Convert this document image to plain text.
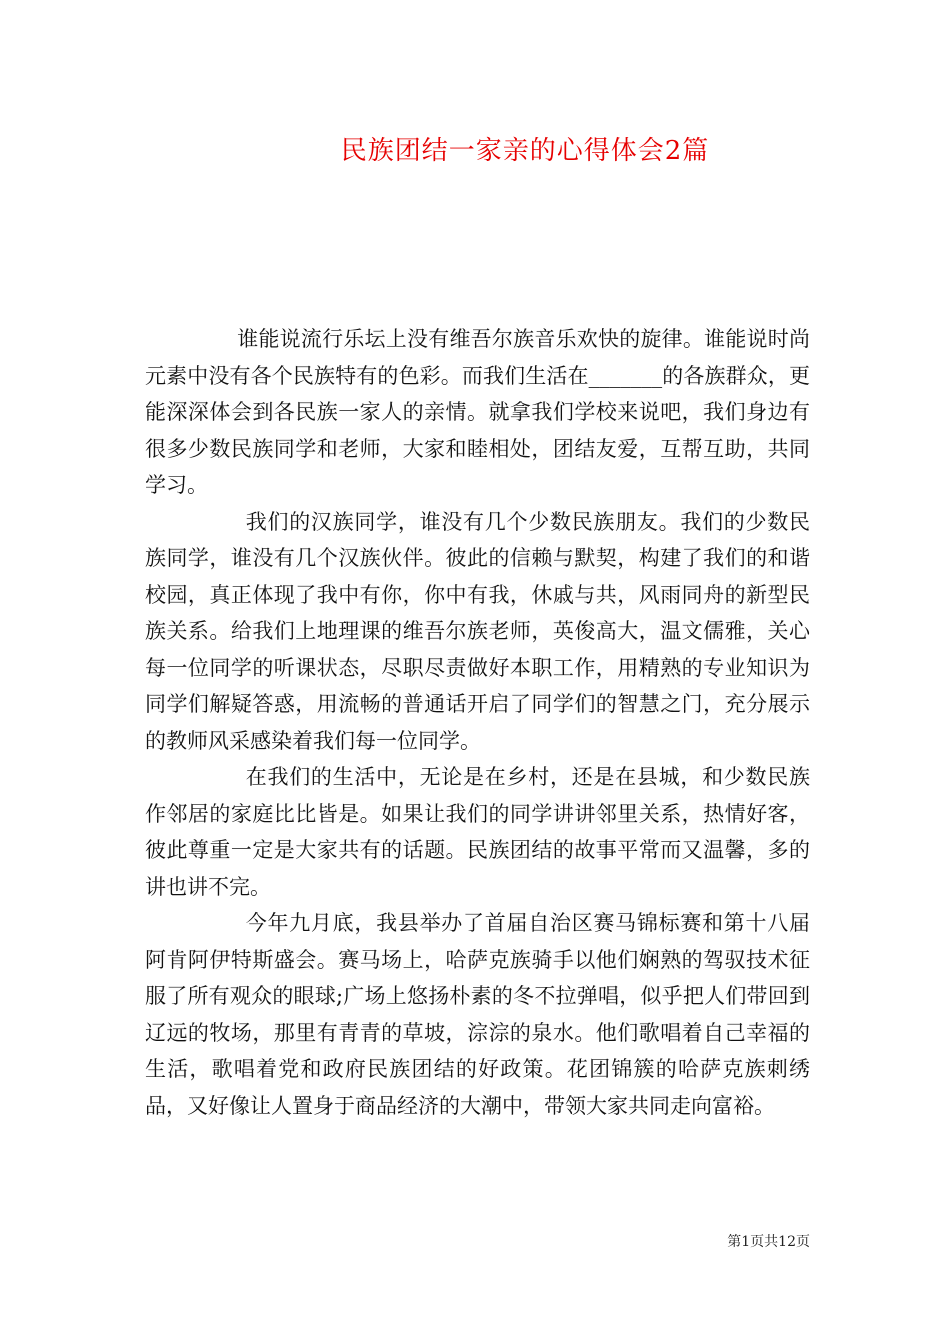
民族团结一家亲的心得体会2篇

谁能说流行乐坛上没有维吾尔族音乐欢快的旋律。谁能说时尚元素中没有各个民族特有的色彩。而我们生活在_______的各族群众，更能深深体会到各民族一家人的亲情。就拿我们学校来说吧，我们身边有很多少数民族同学和老师，大家和睦相处，团结友爱，互帮互助，共同学习。

我们的汉族同学，谁没有几个少数民族朋友。我们的少数民族同学，谁没有几个汉族伙伴。彼此的信赖与默契，构建了我们的和谐校园，真正体现了我中有你，你中有我，休戚与共，风雨同舟的新型民族关系。给我们上地理课的维吾尔族老师，英俊高大，温文儒雅，关心每一位同学的听课状态，尽职尽责做好本职工作，用精熟的专业知识为同学们解疑答惑，用流畅的普通话开启了同学们的智慧之门，充分展示的教师风采感染着我们每一位同学。

在我们的生活中，无论是在乡村，还是在县城，和少数民族作邻居的家庭比比皆是。如果让我们的同学讲讲邻里关系，热情好客，彼此尊重一定是大家共有的话题。民族团结的故事平常而又温馨，多的讲也讲不完。

今年九月底，我县举办了首届自治区赛马锦标赛和第十八届阿肯阿伊特斯盛会。赛马场上，哈萨克族骑手以他们娴熟的驾驭技术征服了所有观众的眼球;广场上悠扬朴素的冬不拉弹唱，似乎把人们带回到辽远的牧场，那里有青青的草坡，淙淙的泉水。他们歌唱着自己幸福的生活，歌唱着党和政府民族团结的好政策。花团锦簇的哈萨克族刺绣品，又好像让人置身于商品经济的大潮中，带领大家共同走向富裕。

第1页共12页
